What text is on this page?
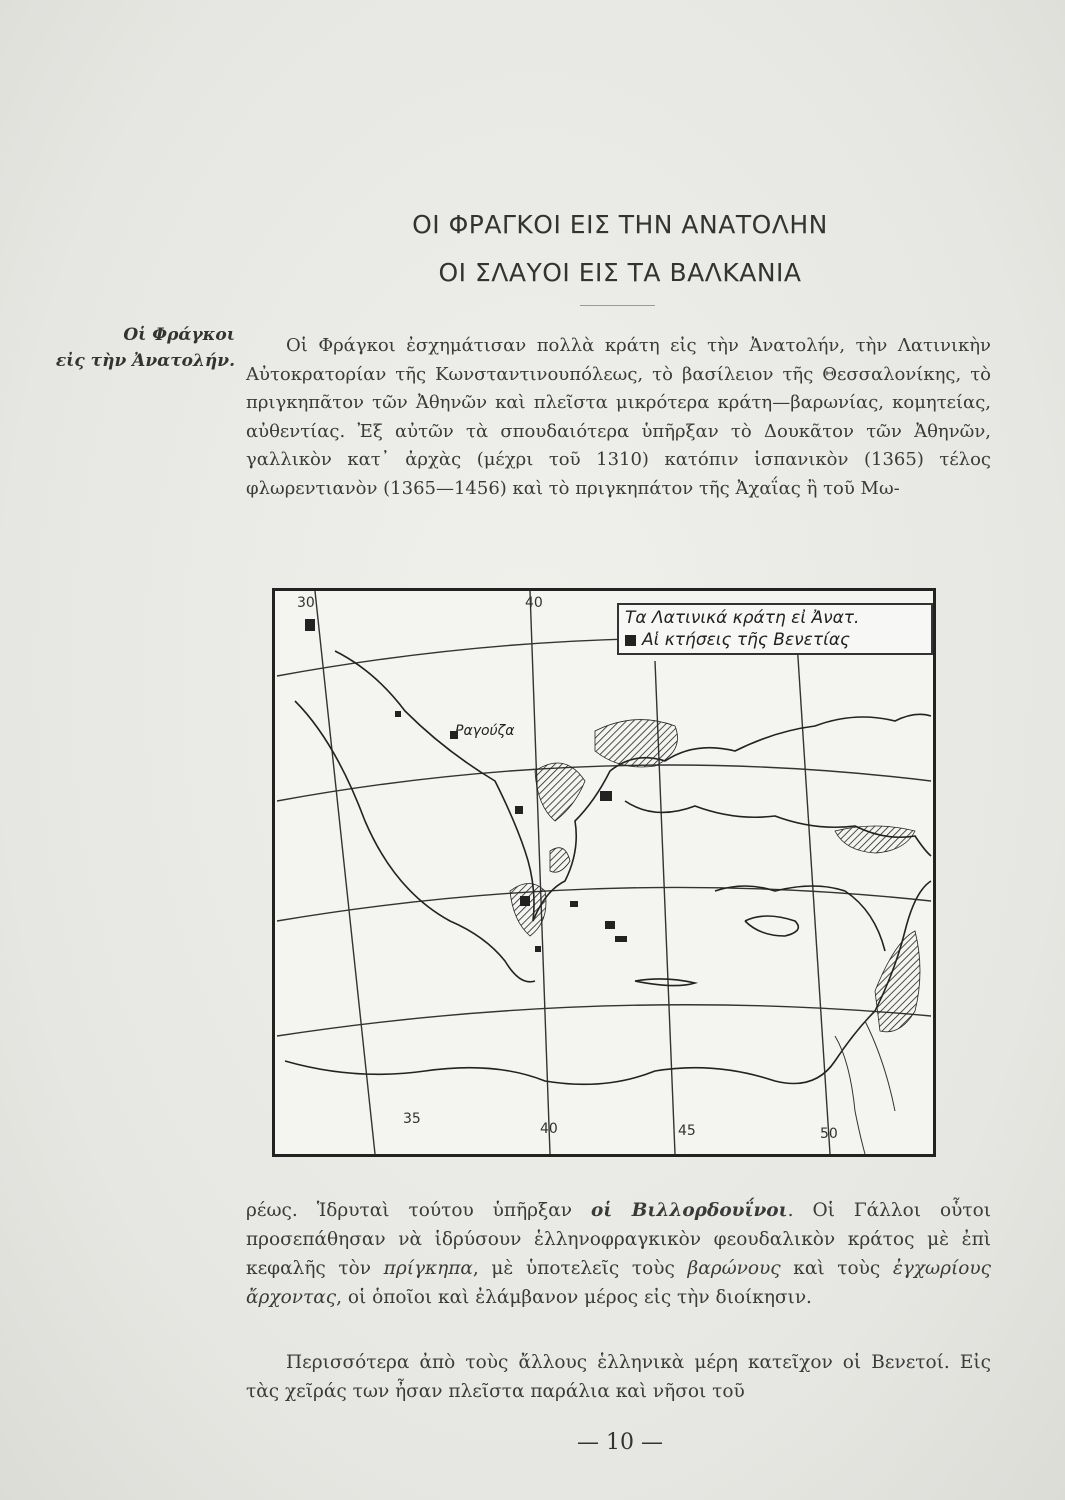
ΟΙ ΦΡΑΓΚΟΙ ΕΙΣ ΤΗΝ ΑΝΑΤΟΛΗΝ
ΟΙ ΣΛΑΥΟΙ ΕΙΣ ΤΑ ΒΑΛΚΑΝΙΑ
Οἱ Φράγκοι
εἰς τὴν Ἀνατολήν.
Οἱ Φράγκοι ἐσχημάτισαν πολλὰ κράτη εἰς τὴν Ἀνατολήν, τὴν Λατινικὴν Αὐτοκρατορίαν τῆς Κωνσταντινουπόλεως, τὸ βασίλειον τῆς Θεσσαλονίκης, τὸ πριγκηπᾶτον τῶν Ἀθηνῶν καὶ πλεῖστα μικρότερα κράτη—βαρωνίας, κομητείας, αὐθεντίας. Ἐξ αὐτῶν τὰ σπουδαιότερα ὑπῆρξαν τὸ Δουκᾶτον τῶν Ἀθηνῶν, γαλλικὸν κατ᾽ ἀρχὰς (μέχρι τοῦ 1310) κατόπιν ἱσπανικὸν (1365) τέλος φλωρεντιανὸν (1365—1456) καὶ τὸ πριγκηπάτον τῆς Ἀχαΐας ἢ τοῦ Μω-
Τα Λατινικά κράτη εἰ Ἀνατ.
Αἱ κτήσεις τῆς Βενετίας
Ραγούζα
30	40
35
40	45	50
ρέως. Ἱδρυταὶ τούτου ὑπῆρξαν οἱ Βιλλορδουΐνοι. Οἱ Γάλλοι οὗτοι προσεπάθησαν νὰ ἱδρύσουν ἑλληνοφραγκικὸν φεουδαλικὸν κράτος μὲ ἐπὶ κεφαλῆς τὸν πρίγκηπα, μὲ ὑποτελεῖς τοὺς βαρώνους καὶ τοὺς ἐγχωρίους ἄρχοντας, οἱ ὁποῖοι καὶ ἐλάμβανον μέρος εἰς τὴν διοίκησιν.
Περισσότερα ἀπὸ τοὺς ἄλλους ἑλληνικὰ μέρη κατεῖχον οἱ Βενετοί. Εἰς τὰς χεῖράς των ἦσαν πλεῖστα παράλια καὶ νῆσοι τοῦ
— 10 —
